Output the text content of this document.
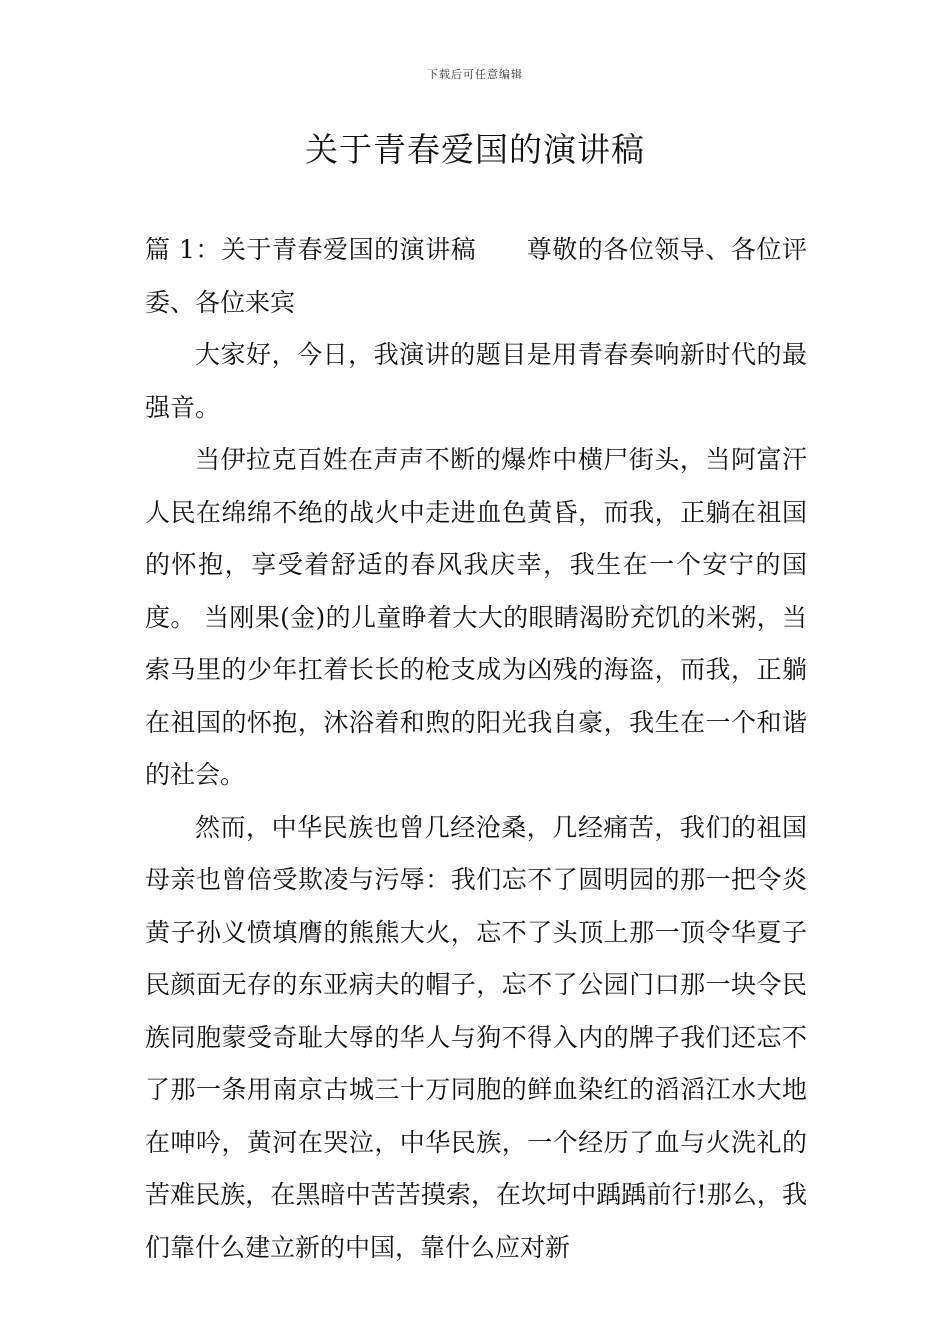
下载后可任意编辑
关于青春爱国的演讲稿

篇 1：关于青春爱国的演讲稿 尊敬的各位领导、各位评委、各位来宾

大家好，今日，我演讲的题目是用青春奏响新时代的最强音。

当伊拉克百姓在声声不断的爆炸中横尸街头，当阿富汗人民在绵绵不绝的战火中走进血色黄昏，而我，正躺在祖国的怀抱，享受着舒适的春风我庆幸，我生在一个安宁的国度。 当刚果(金)的儿童睁着大大的眼睛渴盼充饥的米粥，当索马里的少年扛着长长的枪支成为凶残的海盗，而我，正躺在祖国的怀抱，沐浴着和煦的阳光我自豪，我生在一个和谐的社会。

然而，中华民族也曾几经沧桑，几经痛苦，我们的祖国母亲也曾倍受欺凌与污辱：我们忘不了圆明园的那一把令炎黄子孙义愤填膺的熊熊大火，忘不了头顶上那一顶令华夏子民颜面无存的东亚病夫的帽子，忘不了公园门口那一块令民族同胞蒙受奇耻大辱的华人与狗不得入内的牌子我们还忘不了那一条用南京古城三十万同胞的鲜血染红的滔滔江水大地在呻吟，黄河在哭泣，中华民族，一个经历了血与火洗礼的苦难民族，在黑暗中苦苦摸索，在坎坷中踽踽前行!那么，我们靠什么建立新的中国，靠什么应对新
